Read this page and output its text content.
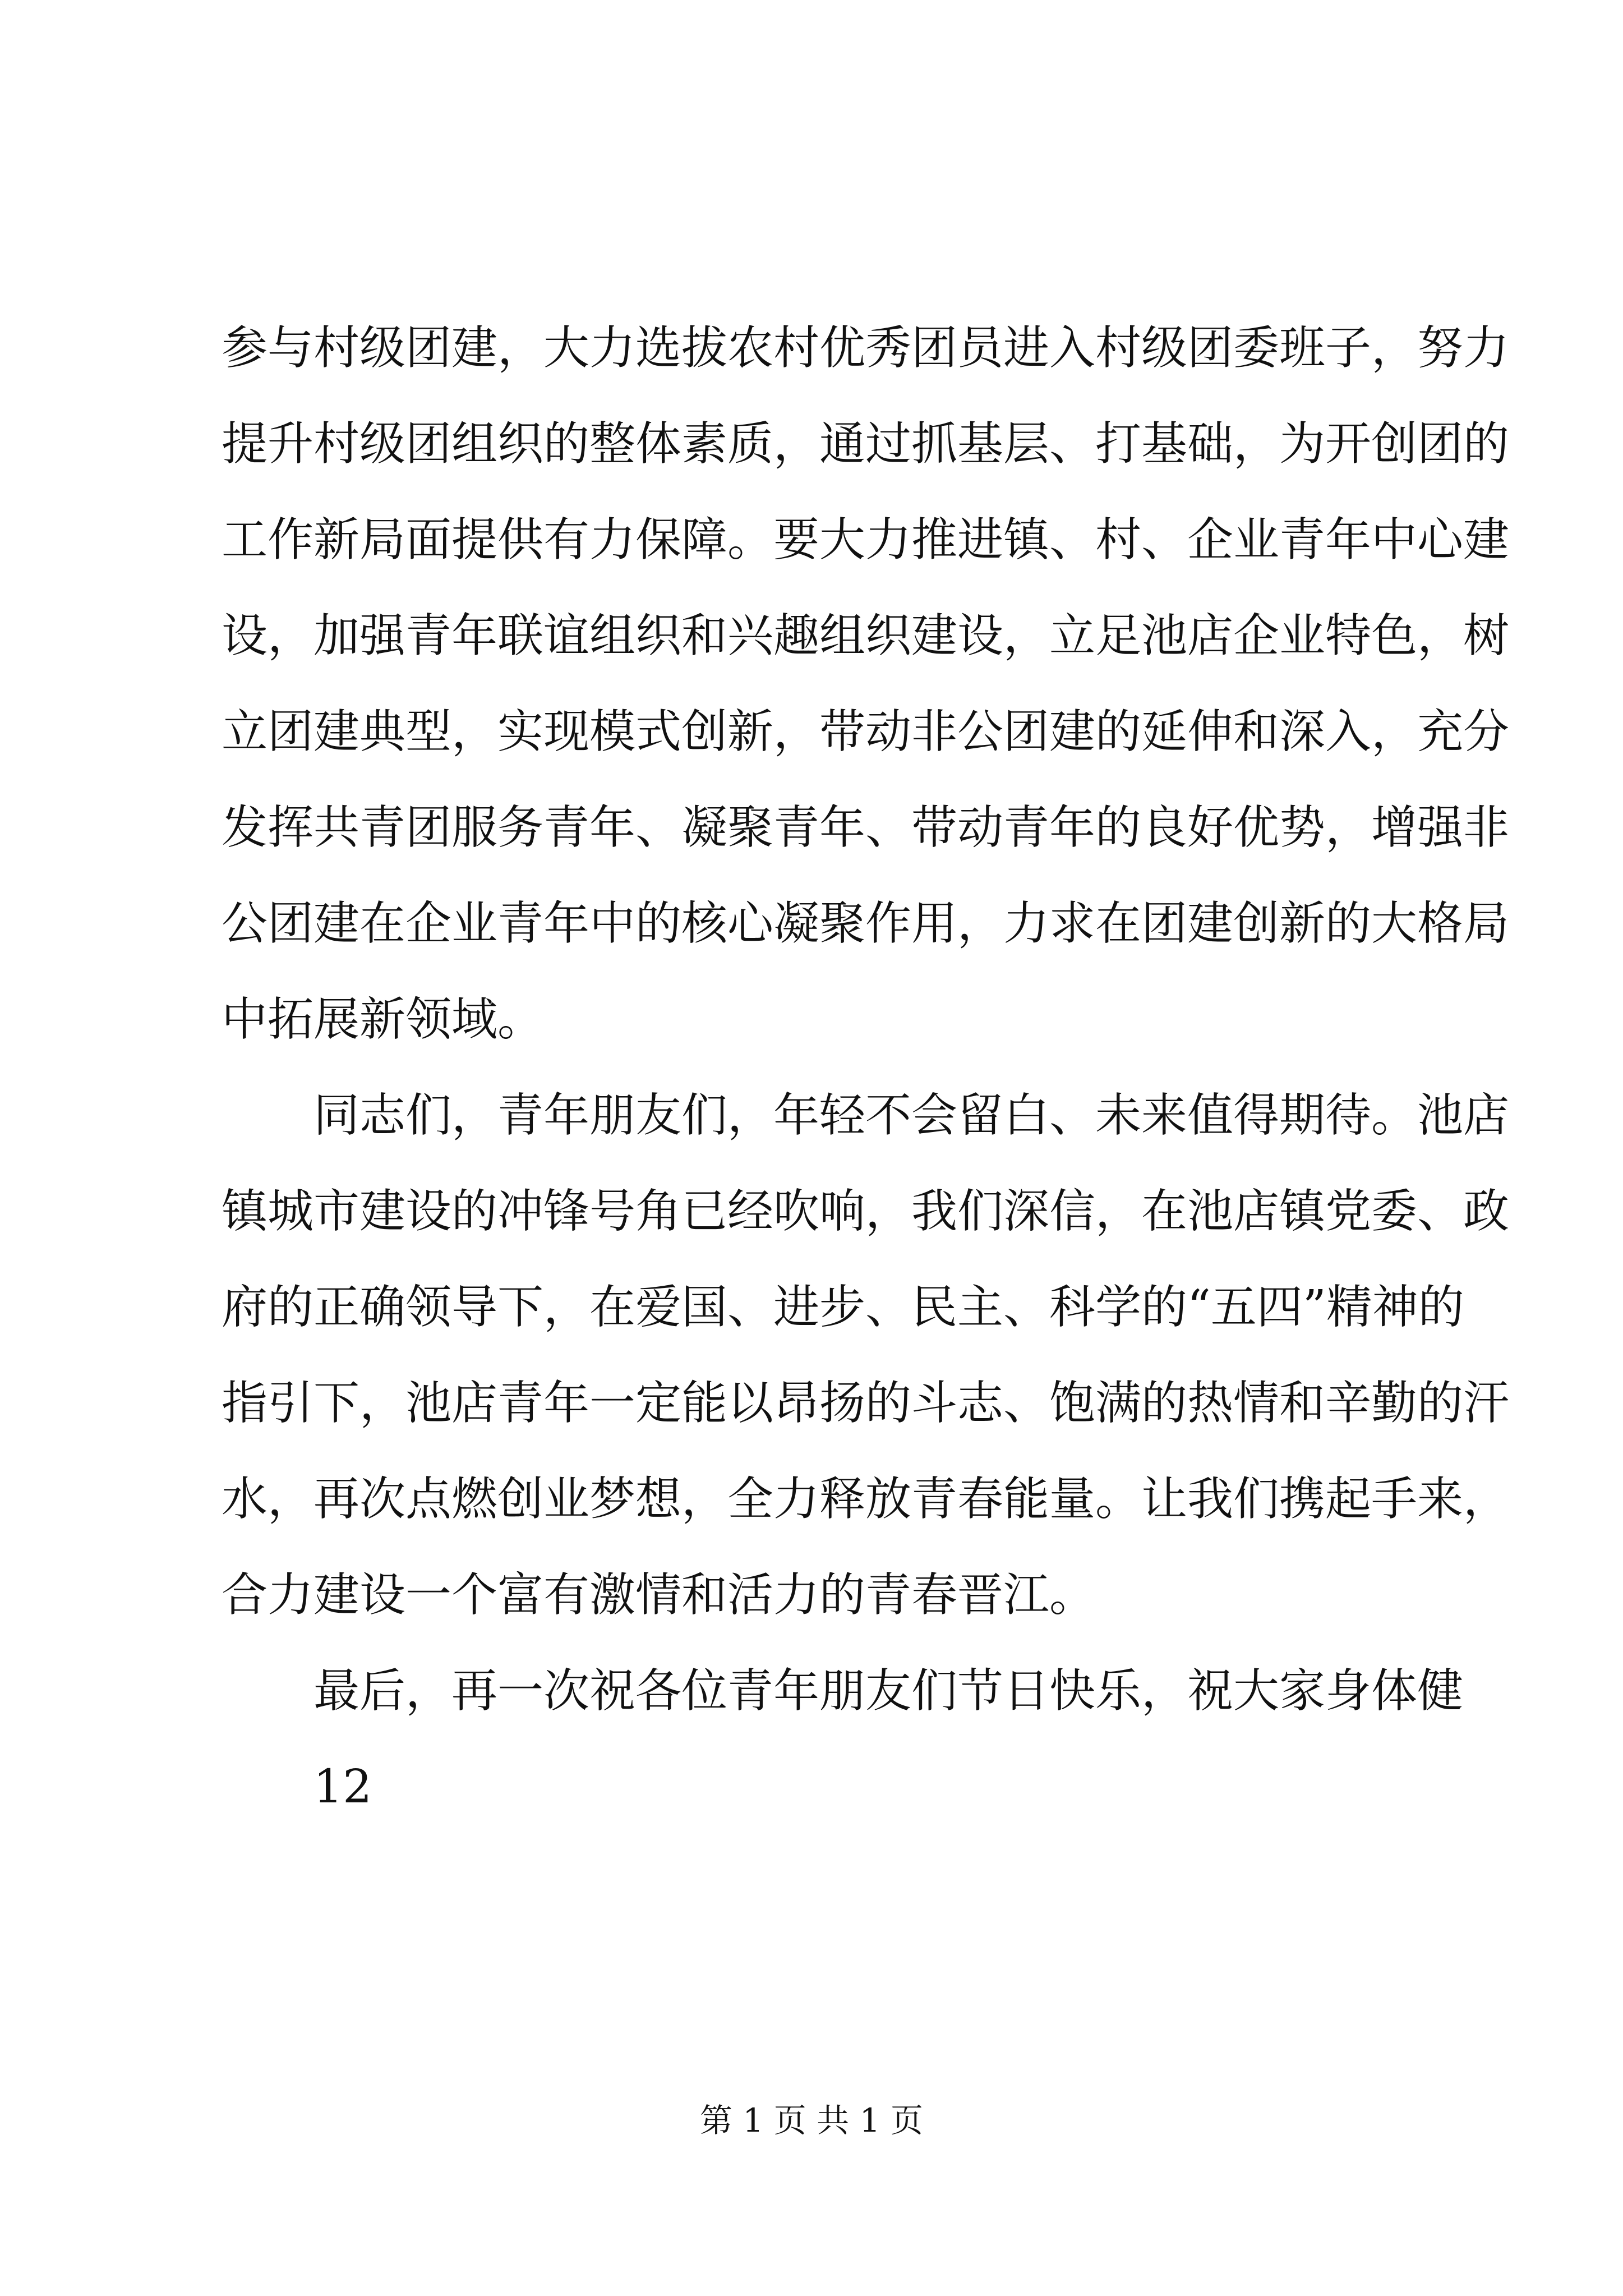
参与村级团建，大力选拔农村优秀团员进入村级团委班子，努力
提升村级团组织的整体素质，通过抓基层、打基础，为开创团的
工作新局面提供有力保障。要大力推进镇、村、企业青年中心建
设，加强青年联谊组织和兴趣组织建设，立足池店企业特色，树
立团建典型，实现模式创新，带动非公团建的延伸和深入，充分
发挥共青团服务青年、凝聚青年、带动青年的良好优势，增强非
公团建在企业青年中的核心凝聚作用，力求在团建创新的大格局
中拓展新领域。
同志们，青年朋友们，年轻不会留白、未来值得期待。池店
镇城市建设的冲锋号角已经吹响，我们深信，在池店镇党委、政
府的正确领导下，在爱国、进步、民主、科学的“五四”精神的
指引下，池店青年一定能以昂扬的斗志、饱满的热情和辛勤的汗
水，再次点燃创业梦想，全力释放青春能量。让我们携起手来，
合力建设一个富有激情和活力的青春晋江。
最后，再一次祝各位青年朋友们节日快乐，祝大家身体健
12
第 1 页 共 1 页
